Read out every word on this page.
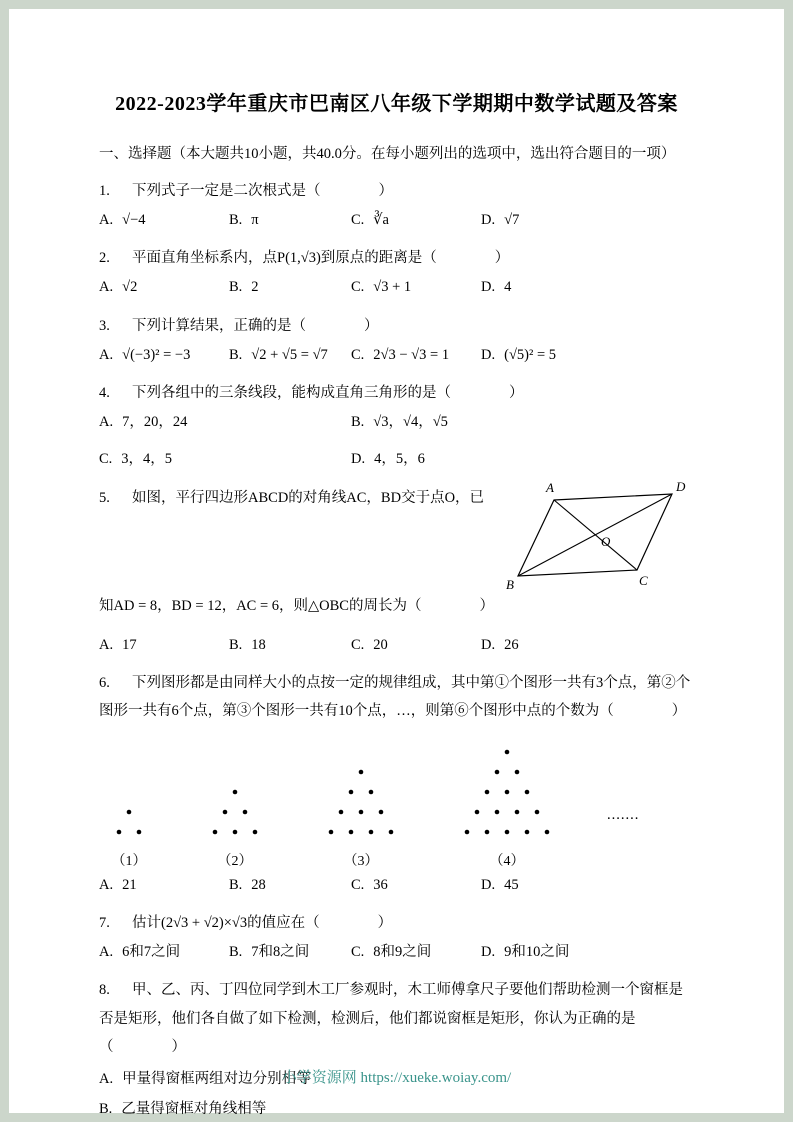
2022-2023学年重庆市巴南区八年级下学期期中数学试题及答案

一、选择题（本大题共10小题，共40.0分。在每小题列出的选项中，选出符合题目的一项）

1. 下列式子一定是二次根式是（　　　　）

A. √−4	B. π	C. ∛a	D. √7

2. 平面直角坐标系内，点P(1,√3)到原点的距离是（　　　　）

A. √2	B. 2	C. √3 + 1	D. 4

3. 下列计算结果，正确的是（　　　　）

A. √(−3)² = −3	B. √2 + √5 = √7	C. 2√3 − √3 = 1	D. (√5)² = 5

4. 下列各组中的三条线段，能构成直角三角形的是（　　　　）

A. 7，20，24	B. √3，√4，√5
C. 3，4，5	D. 4，5，6
A	D
B	C
O

5. 如图，平行四边形ABCD的对角线AC，BD交于点O，已知AD = 8，BD = 12，AC = 6，则△OBC的周长为（　　　　）

A. 17	B. 18	C. 20	D. 26

6. 下列图形都是由同样大小的点按一定的规律组成，其中第①个图形一共有3个点，第②个图形一共有6个点，第③个图形一共有10个点，…，则第⑥个图形中点的个数为（　　　　）

（1）	（2）	（3）	（4）
.......
A. 21	B. 28	C. 36	D. 45

7. 估计(2√3 + √2)×√3的值应在（　　　　）

A. 6和7之间	B. 7和8之间	C. 8和9之间	D. 9和10之间

8. 甲、乙、丙、丁四位同学到木工厂参观时，木工师傅拿尺子要他们帮助检测一个窗框是否是矩形，他们各自做了如下检测，检测后，他们都说窗框是矩形，你认为正确的是（　　　　）

A. 甲量得窗框两组对边分别相等
B. 乙量得窗框对角线相等
小学资源网 https://xueke.woiay.com/
